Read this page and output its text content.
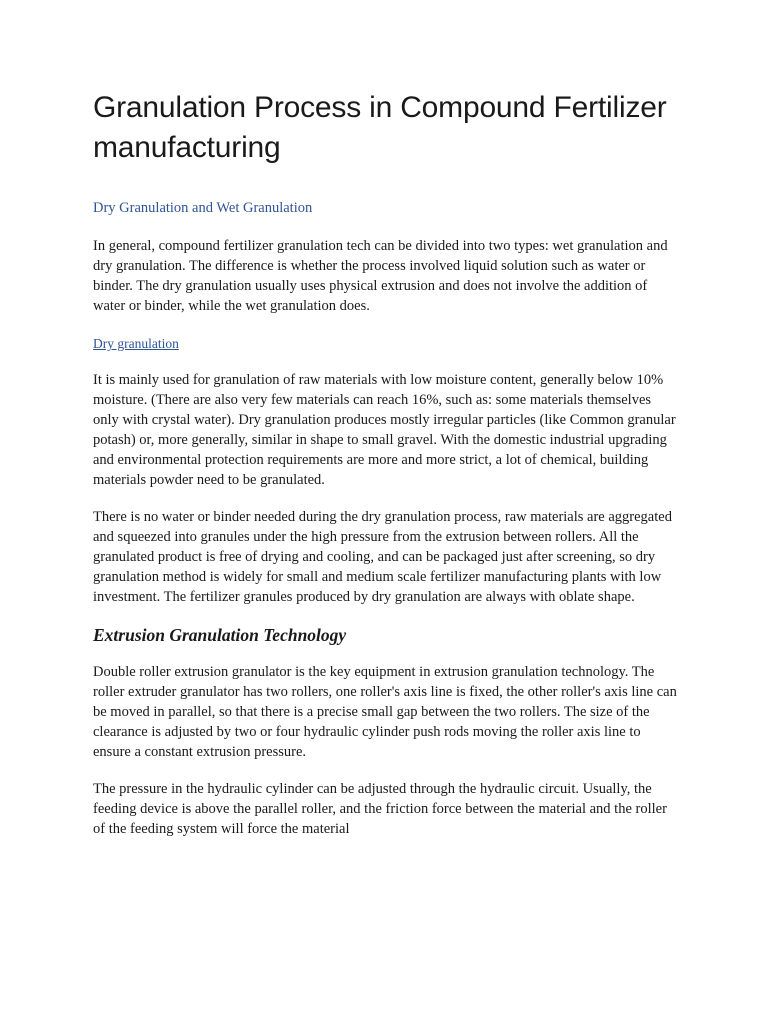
Granulation Process in Compound Fertilizer manufacturing

Dry Granulation and Wet Granulation

In general, compound fertilizer granulation tech can be divided into two types: wet granulation and dry granulation. The difference is whether the process involved liquid solution such as water or binder. The dry granulation usually uses physical extrusion and does not involve the addition of water or binder, while the wet granulation does.

Dry granulation

It is mainly used for granulation of raw materials with low moisture content, generally below 10% moisture. (There are also very few materials can reach 16%, such as: some materials themselves only with crystal water). Dry granulation produces mostly irregular particles (like Common granular potash) or, more generally, similar in shape to small gravel. With the domestic industrial upgrading and environmental protection requirements are more and more strict, a lot of chemical, building materials powder need to be granulated.

There is no water or binder needed during the dry granulation process, raw materials are aggregated and squeezed into granules under the high pressure from the extrusion between rollers. All the granulated product is free of drying and cooling, and can be packaged just after screening, so dry granulation method is widely for small and medium scale fertilizer manufacturing plants with low investment. The fertilizer granules produced by dry granulation are always with oblate shape.

Extrusion Granulation Technology

Double roller extrusion granulator is the key equipment in extrusion granulation technology. The roller extruder granulator has two rollers, one roller's axis line is fixed, the other roller's axis line can be moved in parallel, so that there is a precise small gap between the two rollers. The size of the clearance is adjusted by two or four hydraulic cylinder push rods moving the roller axis line to ensure a constant extrusion pressure.

The pressure in the hydraulic cylinder can be adjusted through the hydraulic circuit. Usually, the feeding device is above the parallel roller, and the friction force between the material and the roller of the feeding system will force the material
